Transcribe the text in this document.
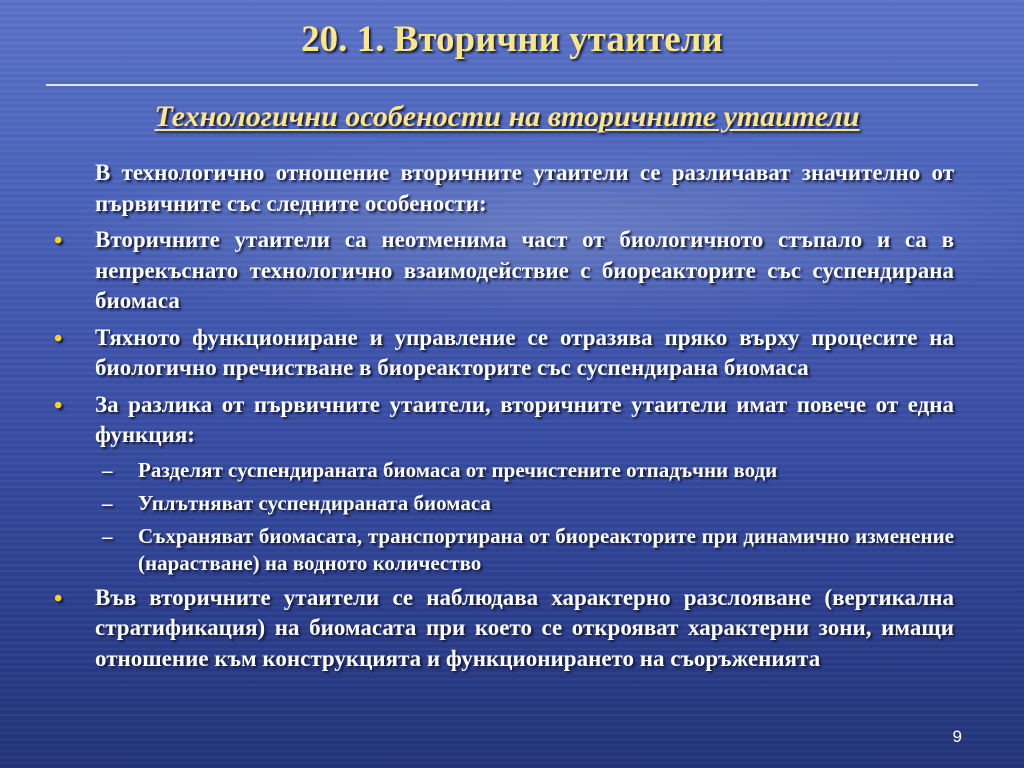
20. 1. Вторични утаители
Технологични особености на вторичните утаители
В технологично отношение вторичните утаители се различават значително от първичните със следните особености:
• Вторичните утаители са неотменима част от биологичното стъпало и са в непрекъснато технологично взаимодействие с биореакторите със суспендирана биомаса
• Тяхното функциониране и управление се отразява пряко върху процесите на биологично пречистване в биореакторите със суспендирана биомаса
• За разлика от първичните утаители, вторичните утаители имат повече от една функция:
– Разделят суспендираната биомаса от пречистените отпадъчни води
– Уплътняват суспендираната биомаса
– Съхраняват биомасата, транспортирана от биореакторите при динамично изменение (нарастване) на водното количество
• Във вторичните утаители се наблюдава характерно разслояване (вертикална стратификация) на биомасата при което се открояват характерни зони, имащи отношение към конструкцията и функционирането на съоръженията
9
